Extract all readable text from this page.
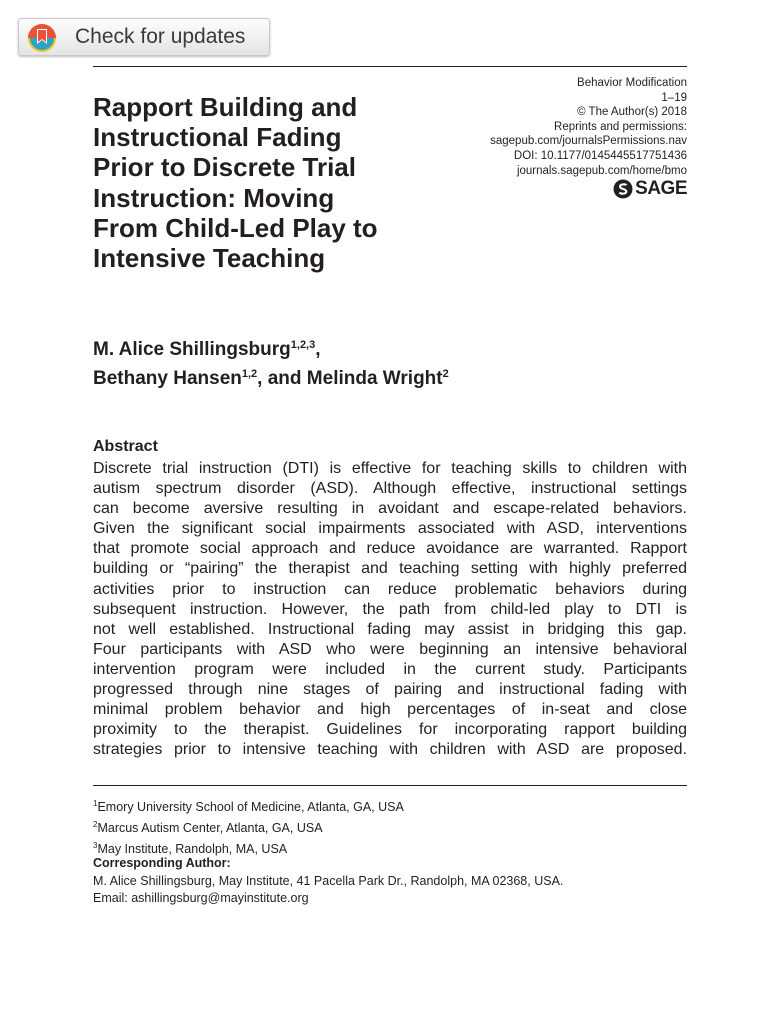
Check for updates
Behavior Modification
1–19
© The Author(s) 2018
Reprints and permissions:
sagepub.com/journalsPermissions.nav
DOI: 10.1177/0145445517751436
journals.sagepub.com/home/bmo
SAGE
Rapport Building and
Instructional Fading
Prior to Discrete Trial
Instruction: Moving
From Child-Led Play to
Intensive Teaching

M. Alice Shillingsburg$^{1,2,3}$,
Bethany Hansen$^{1,2}$, and Melinda Wright$^2$

Abstract
Discrete trial instruction (DTI) is effective for teaching skills to children with
autism spectrum disorder (ASD). Although effective, instructional settings
can become aversive resulting in avoidant and escape-related behaviors.
Given the significant social impairments associated with ASD, interventions
that promote social approach and reduce avoidance are warranted. Rapport
building or “pairing” the therapist and teaching setting with highly preferred
activities prior to instruction can reduce problematic behaviors during
subsequent instruction. However, the path from child-led play to DTI is
not well established. Instructional fading may assist in bridging this gap.
Four participants with ASD who were beginning an intensive behavioral
intervention program were included in the current study. Participants
progressed through nine stages of pairing and instructional fading with
minimal problem behavior and high percentages of in-seat and close
proximity to the therapist. Guidelines for incorporating rapport building
strategies prior to intensive teaching with children with ASD are proposed.
$^1$Emory University School of Medicine, Atlanta, GA, USA
$^2$Marcus Autism Center, Atlanta, GA, USA
$^3$May Institute, Randolph, MA, USA
Corresponding Author:
M. Alice Shillingsburg, May Institute, 41 Pacella Park Dr., Randolph, MA 02368, USA.
Email: ashillingsburg@mayinstitute.org
